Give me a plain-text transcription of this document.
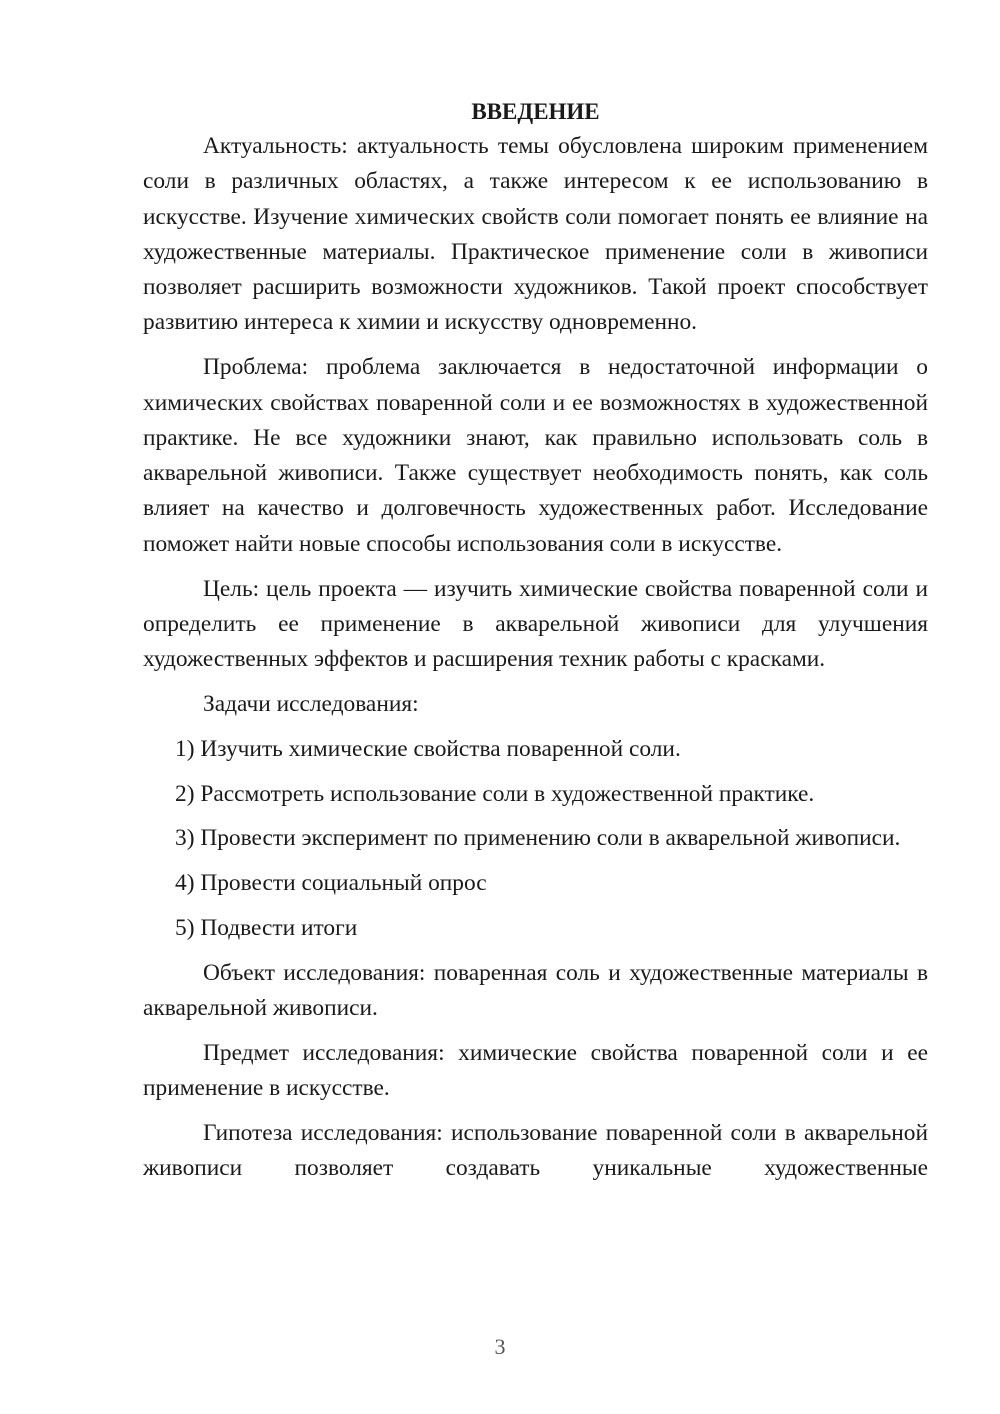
ВВЕДЕНИЕ

Актуальность: актуальность темы обусловлена широким применением соли в различных областях, а также интересом к ее использованию в искусстве. Изучение химических свойств соли помогает понять ее влияние на художественные материалы. Практическое применение соли в живописи позволяет расширить возможности художников. Такой проект способствует развитию интереса к химии и искусству одновременно.

Проблема: проблема заключается в недостаточной информации о химических свойствах поваренной соли и ее возможностях в художественной практике. Не все художники знают, как правильно использовать соль в акварельной живописи. Также существует необходимость понять, как соль влияет на качество и долговечность художественных работ. Исследование поможет найти новые способы использования соли в искусстве.

Цель: цель проекта — изучить химические свойства поваренной соли и определить ее применение в акварельной живописи для улучшения художественных эффектов и расширения техник работы с красками.

Задачи исследования:

1) Изучить химические свойства поваренной соли.

2) Рассмотреть использование соли в художественной практике.

3) Провести эксперимент по применению соли в акварельной живописи.

4) Провести социальный опрос

5) Подвести итоги

Объект исследования: поваренная соль и художественные материалы в акварельной живописи.

Предмет исследования: химические свойства поваренной соли и ее применение в искусстве.

Гипотеза исследования: использование поваренной соли в акварельной живописи позволяет создавать уникальные художественные

3
